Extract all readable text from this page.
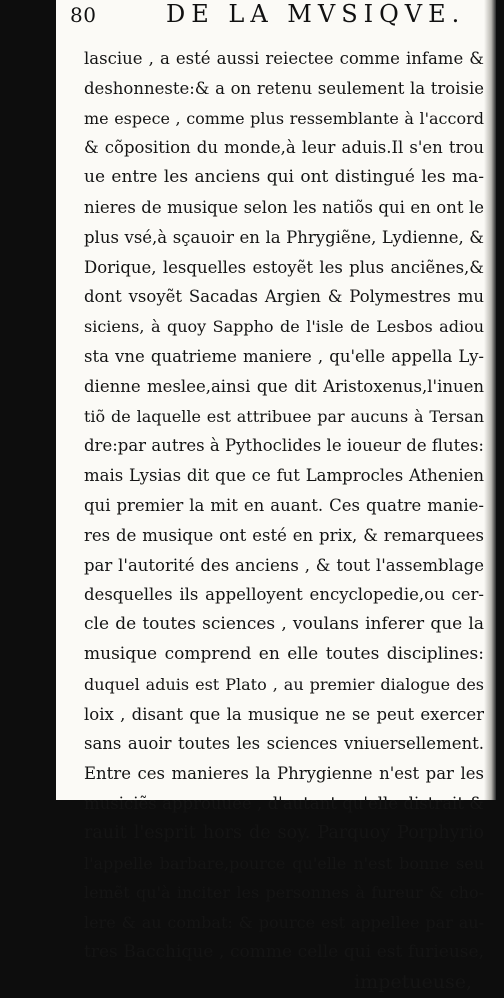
80	DE LA MVSIQVE.
lasciue , a esté aussi reiectee comme infame &
deshonneste:& a on retenu seulement la troisie
me espece , comme plus ressemblante à l'accord
& cõposition du monde,à leur aduis.Il s'en trou
ue entre les anciens qui ont distingué les ma-
nieres de musique selon les natiõs qui en ont le
plus vsé,à sçauoir en la Phrygiẽne, Lydienne, &
Dorique, lesquelles estoyẽt les plus anciẽnes,&
dont vsoyẽt Sacadas Argien & Polymestres mu
siciens, à quoy Sappho de l'isle de Lesbos adiou
sta vne quatrieme maniere , qu'elle appella Ly-
dienne meslee,ainsi que dit Aristoxenus,l'inuen
tiõ de laquelle est attribuee par aucuns à Tersan
dre:par autres à Pythoclides le ioueur de flutes:
mais Lysias dit que ce fut Lamprocles Athenien
qui premier la mit en auant. Ces quatre manie-
res de musique ont esté en prix, & remarquees
par l'autorité des anciens , & tout l'assemblage
desquelles ils appelloyent encyclopedie,ou cer-
cle de toutes sciences , voulans inferer que la
musique comprend en elle toutes disciplines:
duquel aduis est Plato , au premier dialogue des
loix , disant que la musique ne se peut exercer
sans auoir toutes les sciences vniuersellement.
Entre ces manieres la Phrygienne n'est par les
musiciẽs approuuee , d'autant qu'elle distrait &
rauit l'esprit hors de soy. Parquoy Porphyrio
l'appelle barbare,pource qu'elle n'est bonne seu
lemẽt qu'à inciter les personnes à fureur & cho-
lere & au combat: & pource est appellee par au-
tres Bacchique , comme celle qui est furieuse,
impetueuse,
